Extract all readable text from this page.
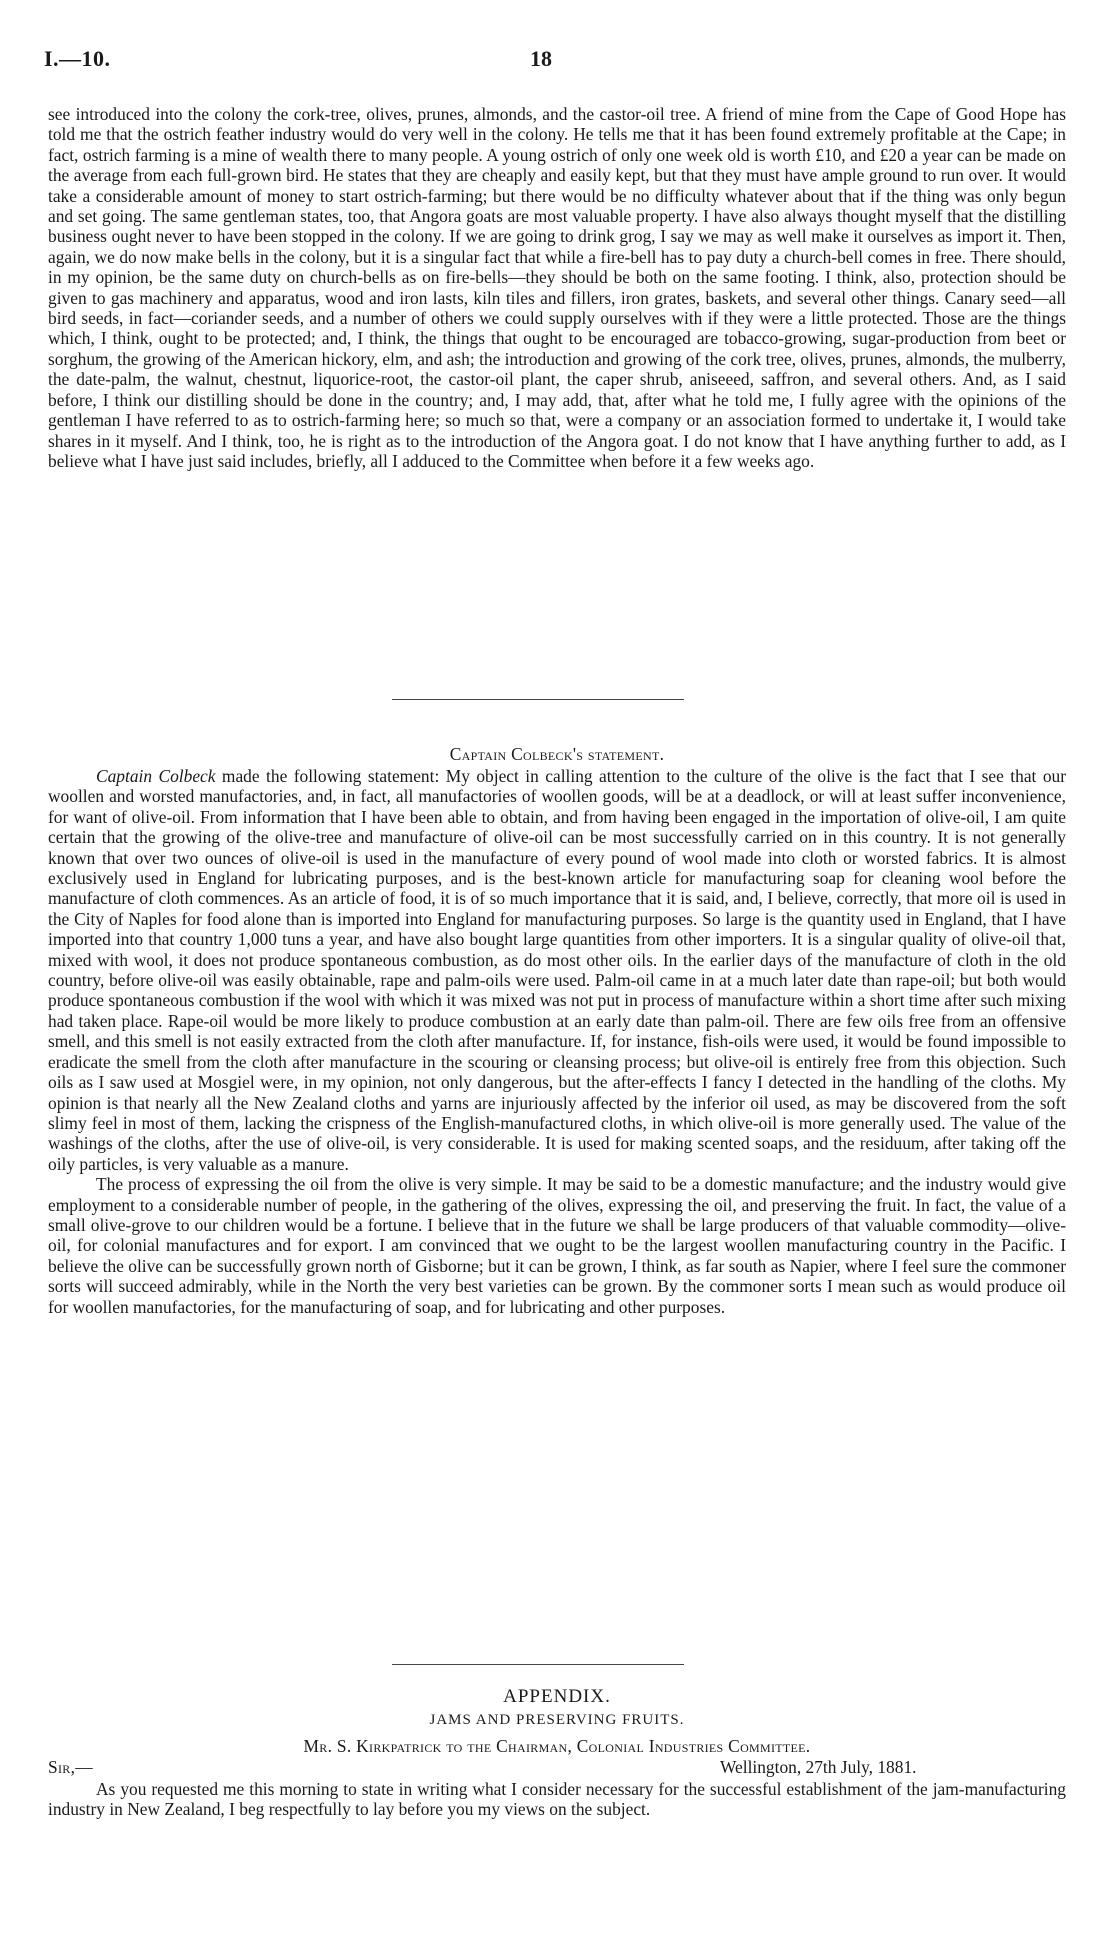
I.—10.	18

see introduced into the colony the cork-tree, olives, prunes, almonds, and the castor-oil tree. A friend of mine from the Cape of Good Hope has told me that the ostrich feather industry would do very well in the colony. He tells me that it has been found extremely profitable at the Cape; in fact, ostrich farming is a mine of wealth there to many people. A young ostrich of only one week old is worth £10, and £20 a year can be made on the average from each full-grown bird. He states that they are cheaply and easily kept, but that they must have ample ground to run over. It would take a considerable amount of money to start ostrich-farming; but there would be no difficulty whatever about that if the thing was only begun and set going. The same gentleman states, too, that Angora goats are most valuable property. I have also always thought myself that the distilling business ought never to have been stopped in the colony. If we are going to drink grog, I say we may as well make it ourselves as import it. Then, again, we do now make bells in the colony, but it is a singular fact that while a fire-bell has to pay duty a church-bell comes in free. There should, in my opinion, be the same duty on church-bells as on fire-bells—they should be both on the same footing. I think, also, protection should be given to gas machinery and apparatus, wood and iron lasts, kiln tiles and fillers, iron grates, baskets, and several other things. Canary seed—all bird seeds, in fact—coriander seeds, and a number of others we could supply ourselves with if they were a little protected. Those are the things which, I think, ought to be protected; and, I think, the things that ought to be encouraged are tobacco-growing, sugar-production from beet or sorghum, the growing of the American hickory, elm, and ash; the introduction and growing of the cork tree, olives, prunes, almonds, the mulberry, the date-palm, the walnut, chestnut, liquorice-root, the castor-oil plant, the caper shrub, aniseeed, saffron, and several others. And, as I said before, I think our distilling should be done in the country; and, I may add, that, after what he told me, I fully agree with the opinions of the gentleman I have referred to as to ostrich-farming here; so much so that, were a company or an association formed to undertake it, I would take shares in it myself. And I think, too, he is right as to the introduction of the Angora goat. I do not know that I have anything further to add, as I believe what I have just said includes, briefly, all I adduced to the Committee when before it a few weeks ago.

Captain Colbeck's statement.

Captain Colbeck made the following statement: My object in calling attention to the culture of the olive is the fact that I see that our woollen and worsted manufactories, and, in fact, all manufactories of woollen goods, will be at a deadlock, or will at least suffer inconvenience, for want of olive-oil. From information that I have been able to obtain, and from having been engaged in the importation of olive-oil, I am quite certain that the growing of the olive-tree and manufacture of olive-oil can be most successfully carried on in this country. It is not generally known that over two ounces of olive-oil is used in the manufacture of every pound of wool made into cloth or worsted fabrics. It is almost exclusively used in England for lubricating purposes, and is the best-known article for manufacturing soap for cleaning wool before the manufacture of cloth commences. As an article of food, it is of so much importance that it is said, and, I believe, correctly, that more oil is used in the City of Naples for food alone than is imported into England for manufacturing purposes. So large is the quantity used in England, that I have imported into that country 1,000 tuns a year, and have also bought large quantities from other importers. It is a singular quality of olive-oil that, mixed with wool, it does not produce spontaneous combustion, as do most other oils. In the earlier days of the manufacture of cloth in the old country, before olive-oil was easily obtainable, rape and palm-oils were used. Palm-oil came in at a much later date than rape-oil; but both would produce spontaneous combustion if the wool with which it was mixed was not put in process of manufacture within a short time after such mixing had taken place. Rape-oil would be more likely to produce combustion at an early date than palm-oil. There are few oils free from an offensive smell, and this smell is not easily extracted from the cloth after manufacture. If, for instance, fish-oils were used, it would be found impossible to eradicate the smell from the cloth after manufacture in the scouring or cleansing process; but olive-oil is entirely free from this objection. Such oils as I saw used at Mosgiel were, in my opinion, not only dangerous, but the after-effects I fancy I detected in the handling of the cloths. My opinion is that nearly all the New Zealand cloths and yarns are injuriously affected by the inferior oil used, as may be discovered from the soft slimy feel in most of them, lacking the crispness of the English-manufactured cloths, in which olive-oil is more generally used. The value of the washings of the cloths, after the use of olive-oil, is very considerable. It is used for making scented soaps, and the residuum, after taking off the oily particles, is very valuable as a manure.

The process of expressing the oil from the olive is very simple. It may be said to be a domestic manufacture; and the industry would give employment to a considerable number of people, in the gathering of the olives, expressing the oil, and preserving the fruit. In fact, the value of a small olive-grove to our children would be a fortune. I believe that in the future we shall be large producers of that valuable commodity—olive-oil, for colonial manufactures and for export. I am convinced that we ought to be the largest woollen manufacturing country in the Pacific. I believe the olive can be successfully grown north of Gisborne; but it can be grown, I think, as far south as Napier, where I feel sure the commoner sorts will succeed admirably, while in the North the very best varieties can be grown. By the commoner sorts I mean such as would produce oil for woollen manufactories, for the manufacturing of soap, and for lubricating and other purposes.

APPENDIX.
JAMS AND PRESERVING FRUITS.
Mr. S. Kirkpatrick to the Chairman, Colonial Industries Committee.
Sir,—	Wellington, 27th July, 1881.

As you requested me this morning to state in writing what I consider necessary for the successful establishment of the jam-manufacturing industry in New Zealand, I beg respectfully to lay before you my views on the subject.
